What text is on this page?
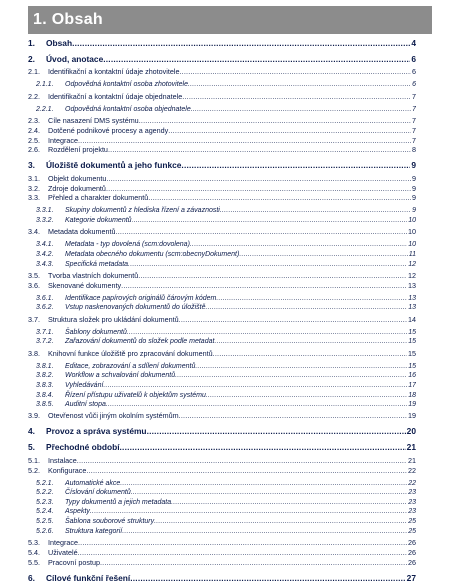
1. Obsah
1.	Obsah .....	4
2.	Úvod, anotace .....	6
2.1.	Identifikační a kontaktní údaje zhotovitele .....	6
2.1.1.	Odpovědná kontaktní osoba zhotovitele .....	6
2.2.	Identifikační a kontaktní údaje objednatele .....	7
2.2.1.	Odpovědná kontaktní osoba objednatele .....	7
2.3.	Cíle nasazení DMS systému .....	7
2.4.	Dotčené podnikové procesy a agendy .....	7
2.5.	Integrace .....	7
2.6.	Rozdělení projektu .....	8
3.	Úložiště dokumentů a jeho funkce .....	9
3.1.	Objekt dokumentu .....	9
3.2.	Zdroje dokumentů .....	9
3.3.	Přehled a charakter dokumentů .....	9
3.3.1.	Skupiny dokumentů z hlediska řízení a závaznosti .....	9
3.3.2.	Kategorie dokumentů .....	10
3.4.	Metadata dokumentů .....	10
3.4.1.	Metadata - typ dovolená (scm:dovolena) .....	10
3.4.2.	Metadata obecného dokumentu (scm:obecnyDokument) .....	11
3.4.3.	Specifická metadata .....	12
3.5.	Tvorba vlastních dokumentů .....	12
3.6.	Skenované dokumenty .....	13
3.6.1.	Identifikace papírových originálů čárovým kódem .....	13
3.6.2.	Vstup naskenovaných dokumentů do úložiště .....	13
3.7.	Struktura složek pro ukládání dokumentů .....	14
3.7.1.	Šablony dokumentů .....	15
3.7.2.	Zařazování dokumentů do složek podle metadat .....	15
3.8.	Knihovní funkce úložiště pro zpracování dokumentů .....	15
3.8.1.	Editace, zobrazování a sdílení dokumentů .....	15
3.8.2.	Workflow a schvalování dokumentů .....	16
3.8.3.	Vyhledávání .....	17
3.8.4.	Řízení přístupu uživatelů k objektům systému .....	18
3.8.5.	Auditní stopa .....	19
3.9.	Otevřenost vůči jiným okolním systémům .....	19
4.	Provoz a správa systému .....	20
5.	Přechodné období .....	21
5.1.	Instalace .....	21
5.2.	Konfigurace .....	22
5.2.1.	Automatické akce .....	22
5.2.2.	Číslování dokumentů .....	23
5.2.3.	Typy dokumentů a jejich metadata .....	23
5.2.4.	Aspekty .....	23
5.2.5.	Šablona souborové struktury .....	25
5.2.6.	Struktura kategorií .....	25
5.3.	Integrace .....	26
5.4.	Uživatelé .....	26
5.5.	Pracovní postup .....	26
6.	Cílové funkční řešení .....	27
